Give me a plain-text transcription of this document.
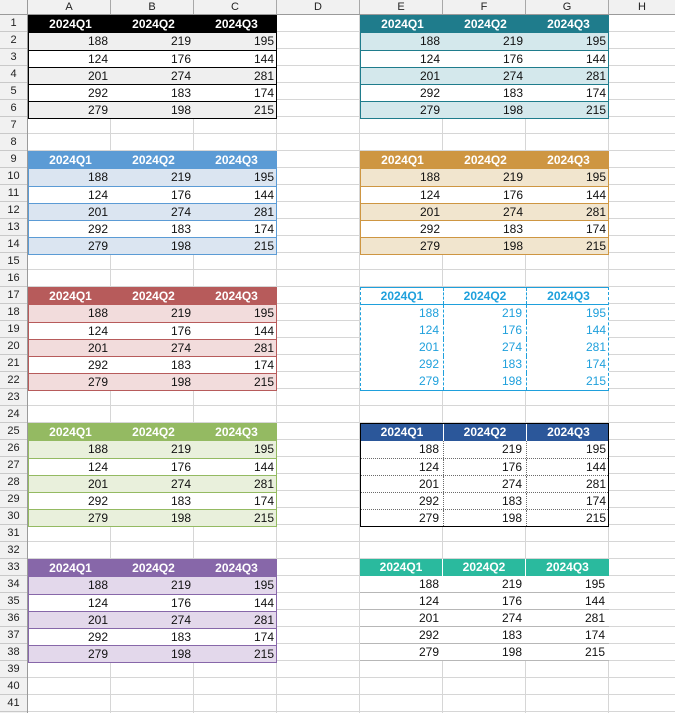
A	B	C	D	E	F	G	H
1
2
3
4
5
6
7
8
9
10
11
12
13
14
15
16
17
18
19
20
21
22
23
24
25
26
27
28
29
30
31
32
33
34
35
36
37
38
39
40
41
2024Q1	2024Q2	2024Q3
188	219	195
124	176	144
201	274	281
292	183	174
279	198	215
2024Q1	2024Q2	2024Q3
188	219	195
124	176	144
201	274	281
292	183	174
279	198	215
2024Q1	2024Q2	2024Q3
188	219	195
124	176	144
201	274	281
292	183	174
279	198	215
2024Q1	2024Q2	2024Q3
188	219	195
124	176	144
201	274	281
292	183	174
279	198	215
2024Q1	2024Q2	2024Q3
188	219	195
124	176	144
201	274	281
292	183	174
279	198	215
2024Q1	2024Q2	2024Q3
188	219	195
124	176	144
201	274	281
292	183	174
279	198	215
2024Q1	2024Q2	2024Q3
188	219	195
124	176	144
201	274	281
292	183	174
279	198	215
2024Q1	2024Q2	2024Q3
188	219	195
124	176	144
201	274	281
292	183	174
279	198	215
2024Q1	2024Q2	2024Q3
188	219	195
124	176	144
201	274	281
292	183	174
279	198	215
2024Q1	2024Q2	2024Q3
188	219	195
124	176	144
201	274	281
292	183	174
279	198	215
